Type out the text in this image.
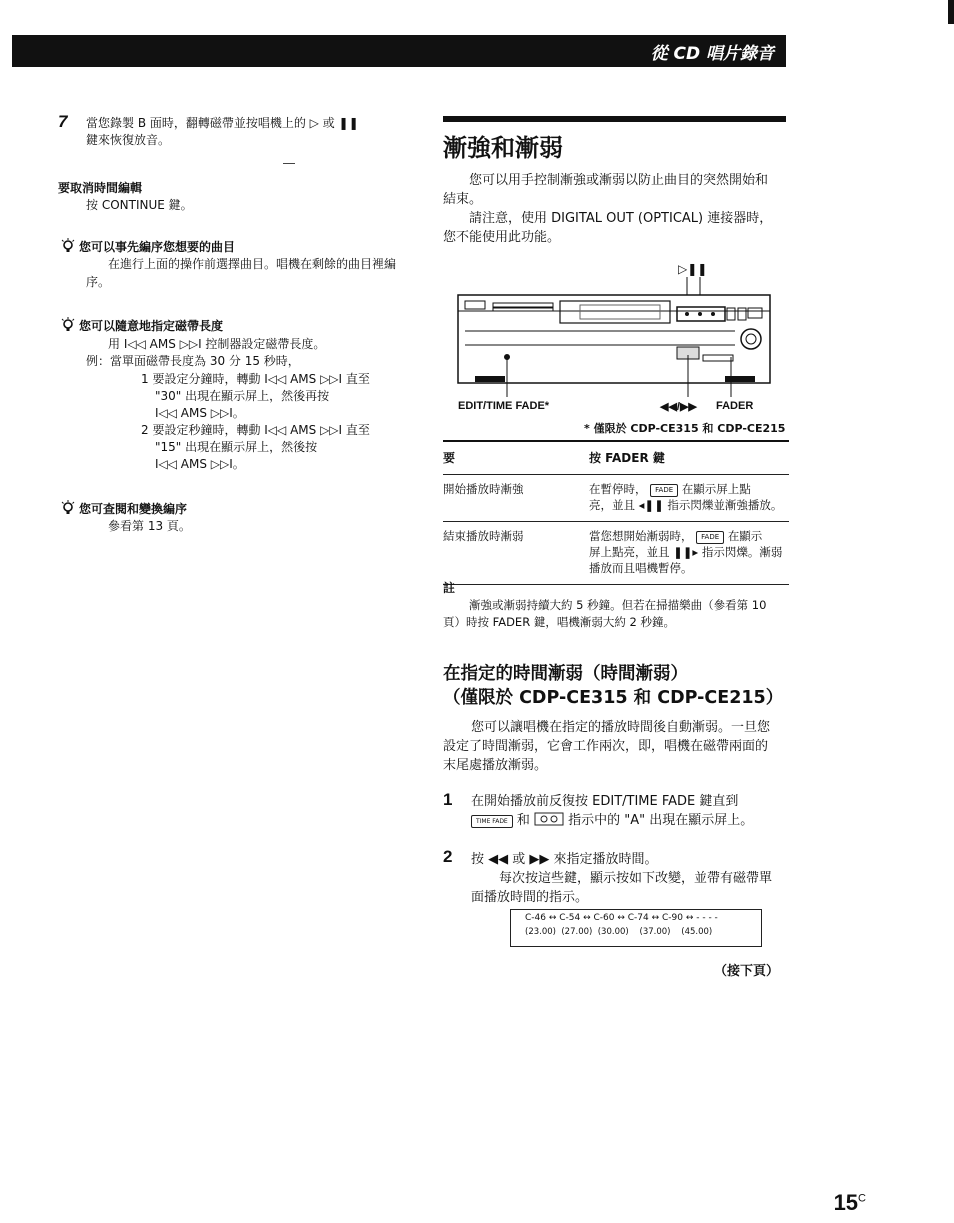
從 CD 唱片錄音
7 當您錄製 B 面時，翻轉磁帶並按唱機上的 ▷ 或 ❚❚
鍵來恢復放音。
要取消時間編輯
按 CONTINUE 鍵。
您可以事先編序您想要的曲目
在進行上面的操作前選擇曲目。唱機在剩餘的曲目裡編
序。
您可以隨意地指定磁帶長度
用 I◁◁ AMS ▷▷I 控制器設定磁帶長度。
例：當單面磁帶長度為 30 分 15 秒時，
1 要設定分鐘時，轉動 I◁◁ AMS ▷▷I 直至
"30" 出現在顯示屏上，然後再按
I◁◁ AMS ▷▷I。
2 要設定秒鐘時，轉動 I◁◁ AMS ▷▷I 直至
"15" 出現在顯示屏上，然後按
I◁◁ AMS ▷▷I。
您可查閱和變換編序
參看第 13 頁。
漸強和漸弱
您可以用手控制漸強或漸弱以防止曲目的突然開始和
結束。
請注意，使用 DIGITAL OUT (OPTICAL) 連接器時，
您不能使用此功能。
▷❚❚
EDIT/TIME FADE*	◀◀/▶▶ FADER
* 僅限於 CDP-CE315 和 CDP-CE215
要	按 FADER 鍵
開始播放時漸強	在暫停時， FADE 在顯示屏上點
亮，並且 ◂❚❚ 指示閃爍並漸強播放。
結束播放時漸弱	當您想開始漸弱時， FADE 在顯示
屏上點亮，並且 ❚❚▸ 指示閃爍。漸弱
播放而且唱機暫停。
註
漸強或漸弱持續大約 5 秒鐘。但若在掃描樂曲（參看第 10
頁）時按 FADER 鍵，唱機漸弱大約 2 秒鐘。
在指定的時間漸弱（時間漸弱）
（僅限於 CDP-CE315 和 CDP-CE215）
您可以讓唱機在指定的播放時間後自動漸弱。一旦您
設定了時間漸弱，它會工作兩次，即，唱機在磁帶兩面的
末尾處播放漸弱。
1 在開始播放前反復按 EDIT/TIME FADE 鍵直到
TIME FADE 和	指示中的 "A" 出現在顯示屏上。
2 按 ◀◀ 或 ▶▶ 來指定播放時間。
每次按這些鍵，顯示按如下改變，並帶有磁帶單
面播放時間的指示。
C-46 ↔ C-54 ↔ C-60 ↔ C-74 ↔ C-90 ↔ - - - -
(23.00)  (27.00)  (30.00)    (37.00)    (45.00)
（接下頁）
$15^C$
